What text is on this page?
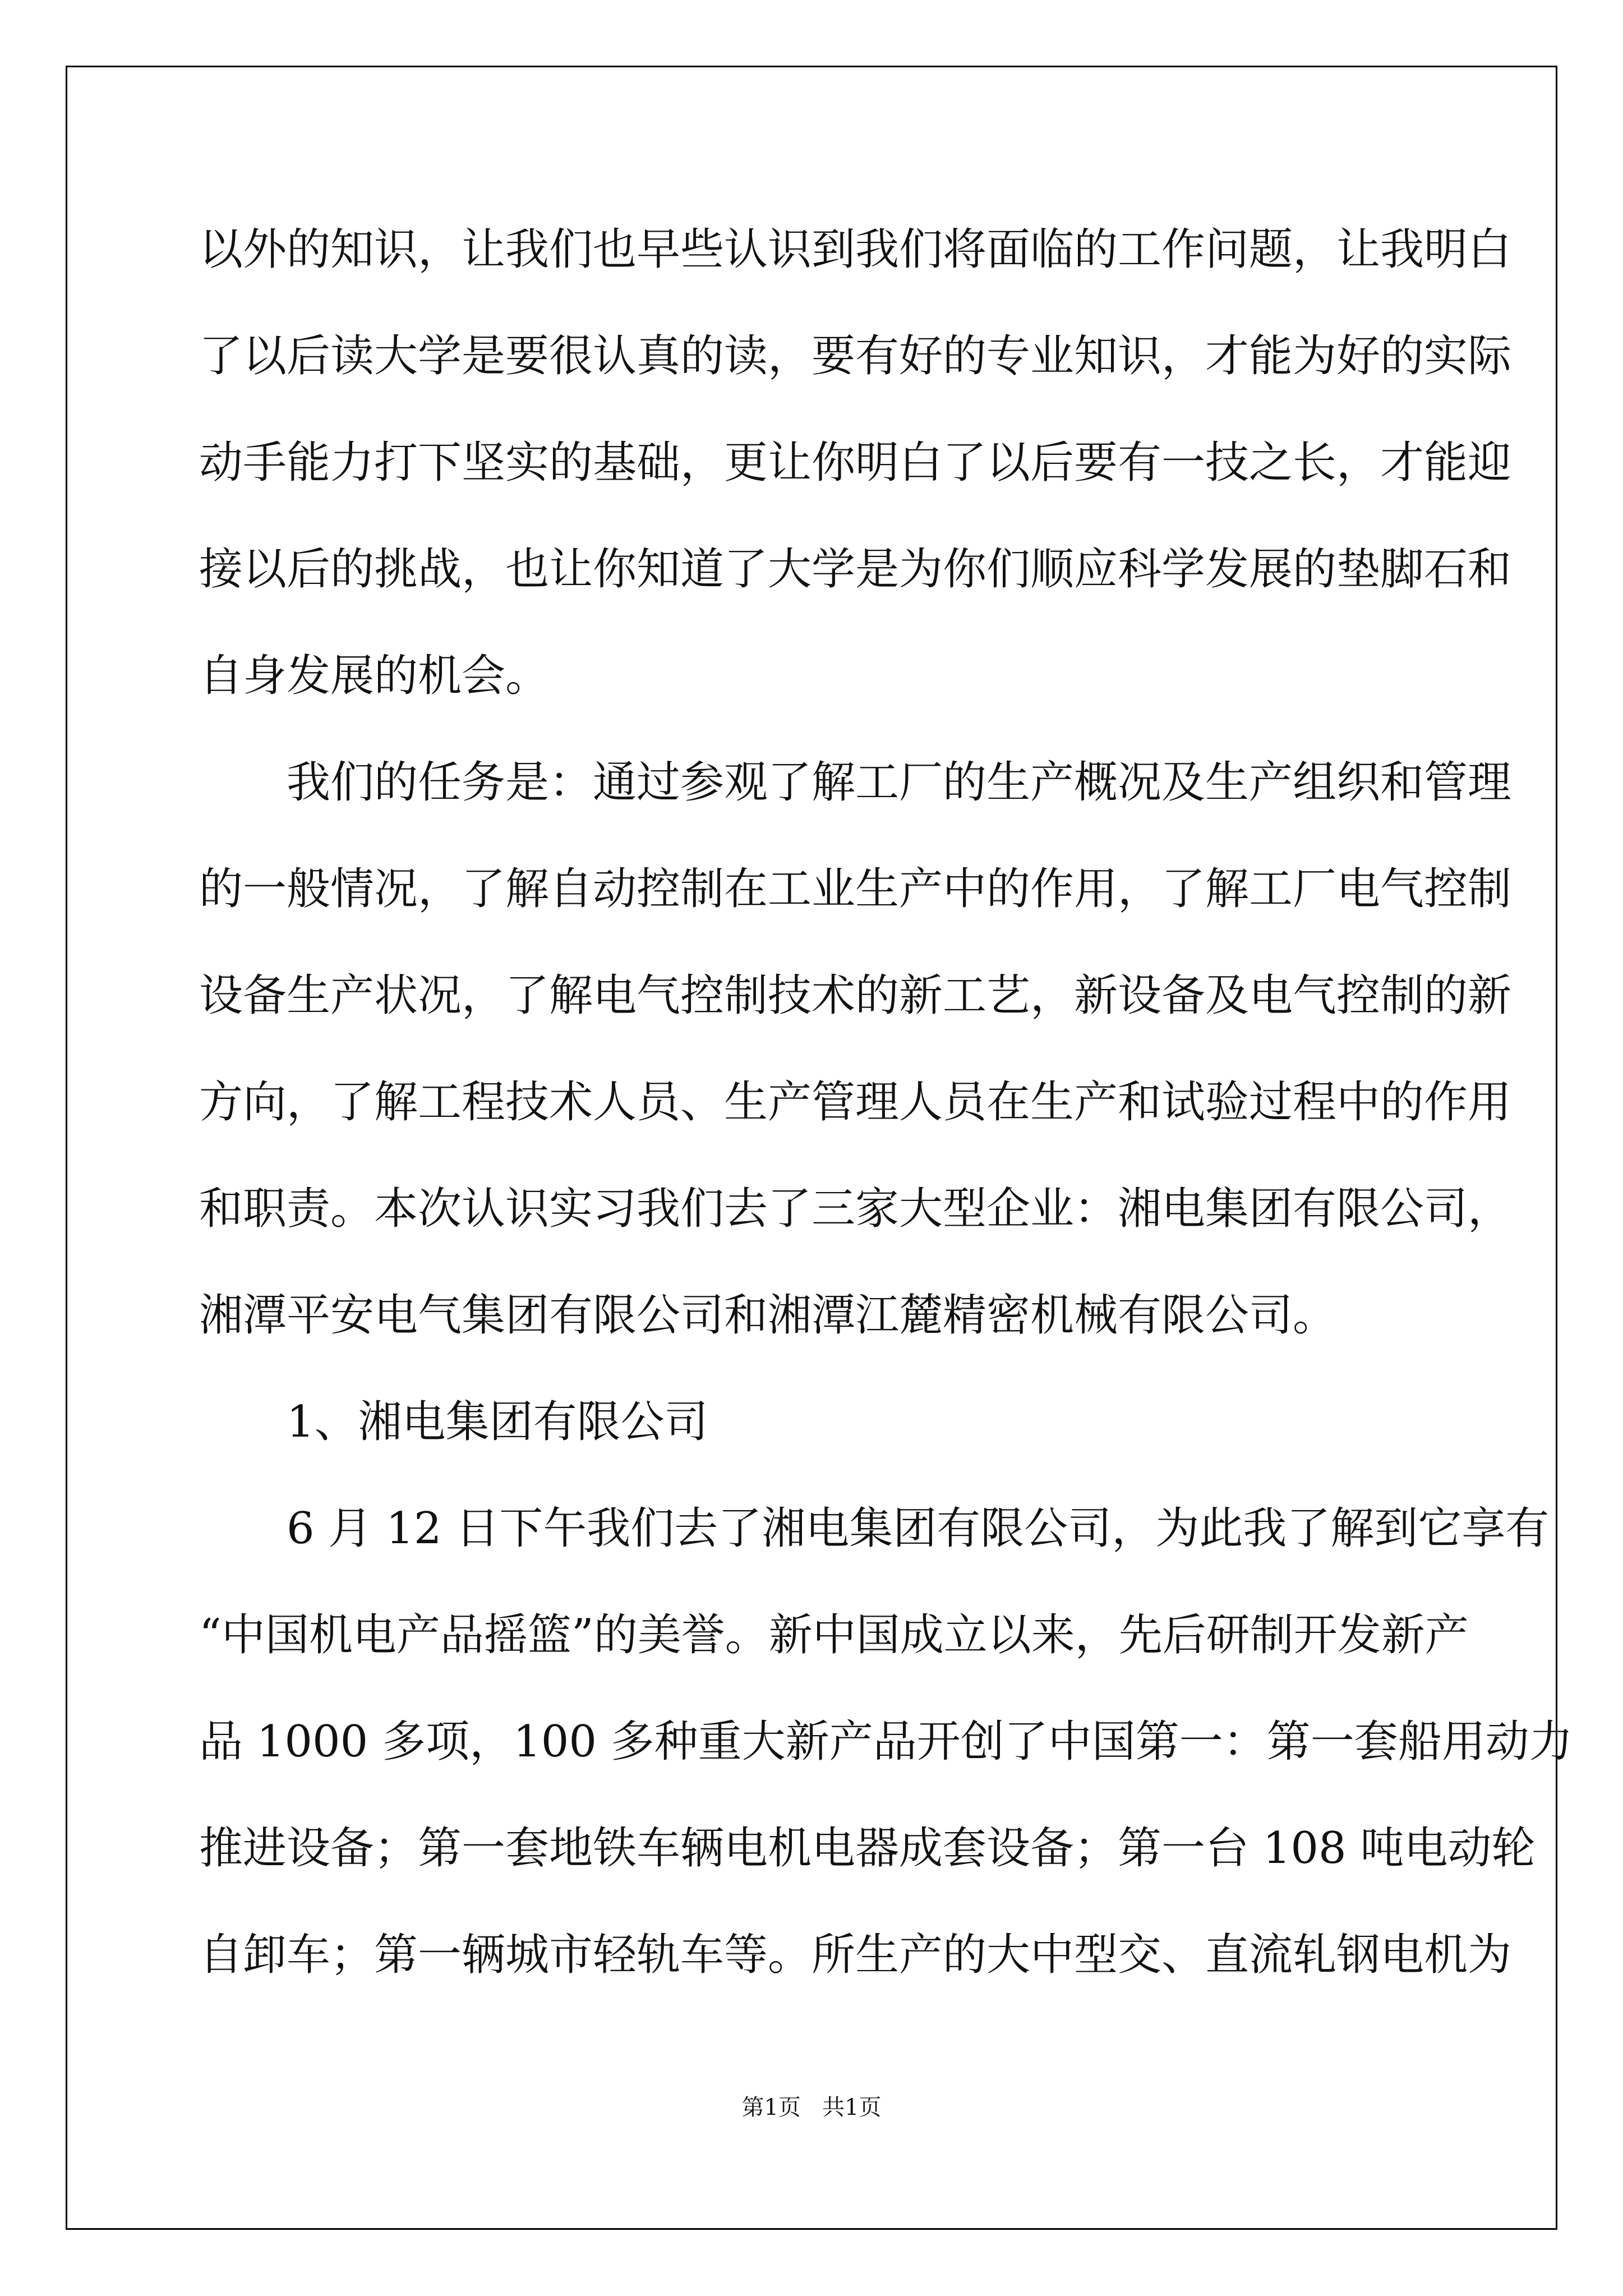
以外的知识，让我们也早些认识到我们将面临的工作问题，让我明白
了以后读大学是要很认真的读，要有好的专业知识，才能为好的实际
动手能力打下坚实的基础，更让你明白了以后要有一技之长，才能迎
接以后的挑战，也让你知道了大学是为你们顺应科学发展的垫脚石和
自身发展的机会。
我们的任务是：通过参观了解工厂的生产概况及生产组织和管理
的一般情况，了解自动控制在工业生产中的作用，了解工厂电气控制
设备生产状况，了解电气控制技术的新工艺，新设备及电气控制的新
方向，了解工程技术人员、生产管理人员在生产和试验过程中的作用
和职责。本次认识实习我们去了三家大型企业：湘电集团有限公司，
湘潭平安电气集团有限公司和湘潭江麓精密机械有限公司。
1、湘电集团有限公司
6 月 12 日下午我们去了湘电集团有限公司，为此我了解到它享有
“中国机电产品摇篮”的美誉。新中国成立以来，先后研制开发新产
品 1000 多项，100 多种重大新产品开创了中国第一：第一套船用动力
推进设备；第一套地铁车辆电机电器成套设备；第一台 108 吨电动轮
自卸车；第一辆城市轻轨车等。所生产的大中型交、直流轧钢电机为
第1页   共1页
